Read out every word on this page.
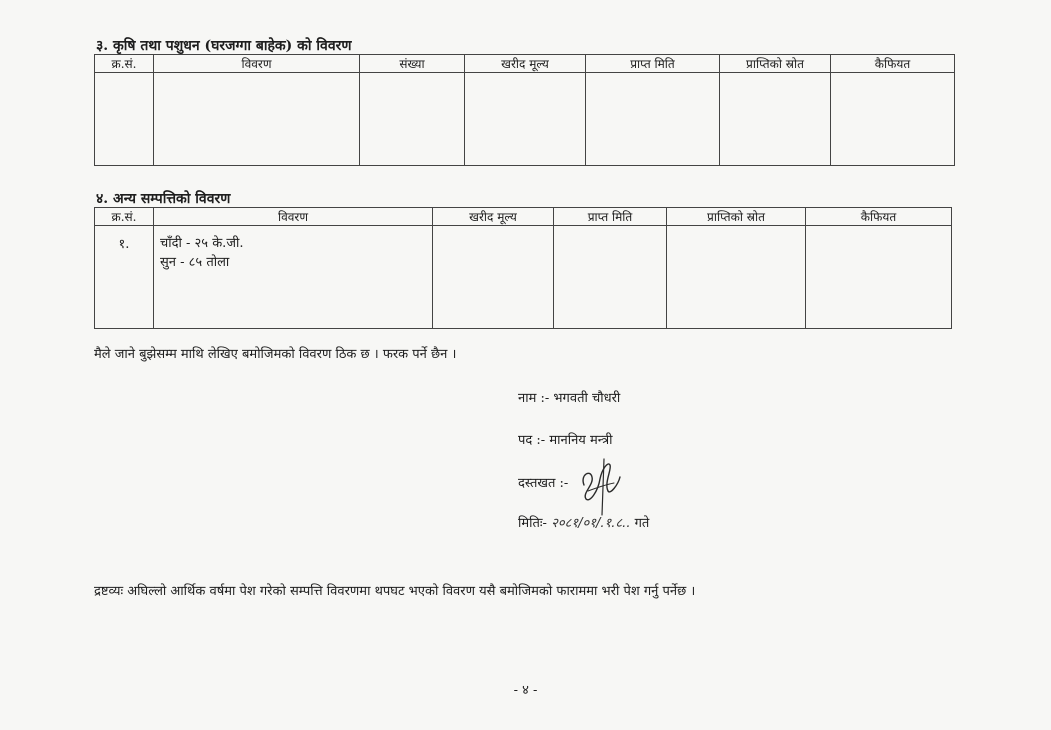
३. कृषि तथा पशुधन (घरजग्गा बाहेक) को विवरण
क्र.सं.	विवरण	संख्या	खरीद मूल्य	प्राप्त मिति	प्राप्तिको स्रोत	कैफियत

४. अन्य सम्पत्तिको विवरण
क्र.सं.	विवरण	खरीद मूल्य	प्राप्त मिति	प्राप्तिको स्रोत	कैफियत
१.	चाँदी - २५ के.जी.
सुन - ८५ तोला				

मैले जाने बुझेसम्म माथि लेखिए बमोजिमको विवरण ठिक छ । फरक पर्ने छैन ।
नाम :- भगवती चौधरी
पद :- माननिय मन्त्री
दस्तखत :-
मितिः- २०८१/०१/.१.८.. गते
द्रष्टव्यः अघिल्लो आर्थिक वर्षमा पेश गरेको सम्पत्ति विवरणमा थपघट भएको विवरण यसै बमोजिमको फाराममा भरी पेश गर्नु पर्नेछ ।
- ४ -
